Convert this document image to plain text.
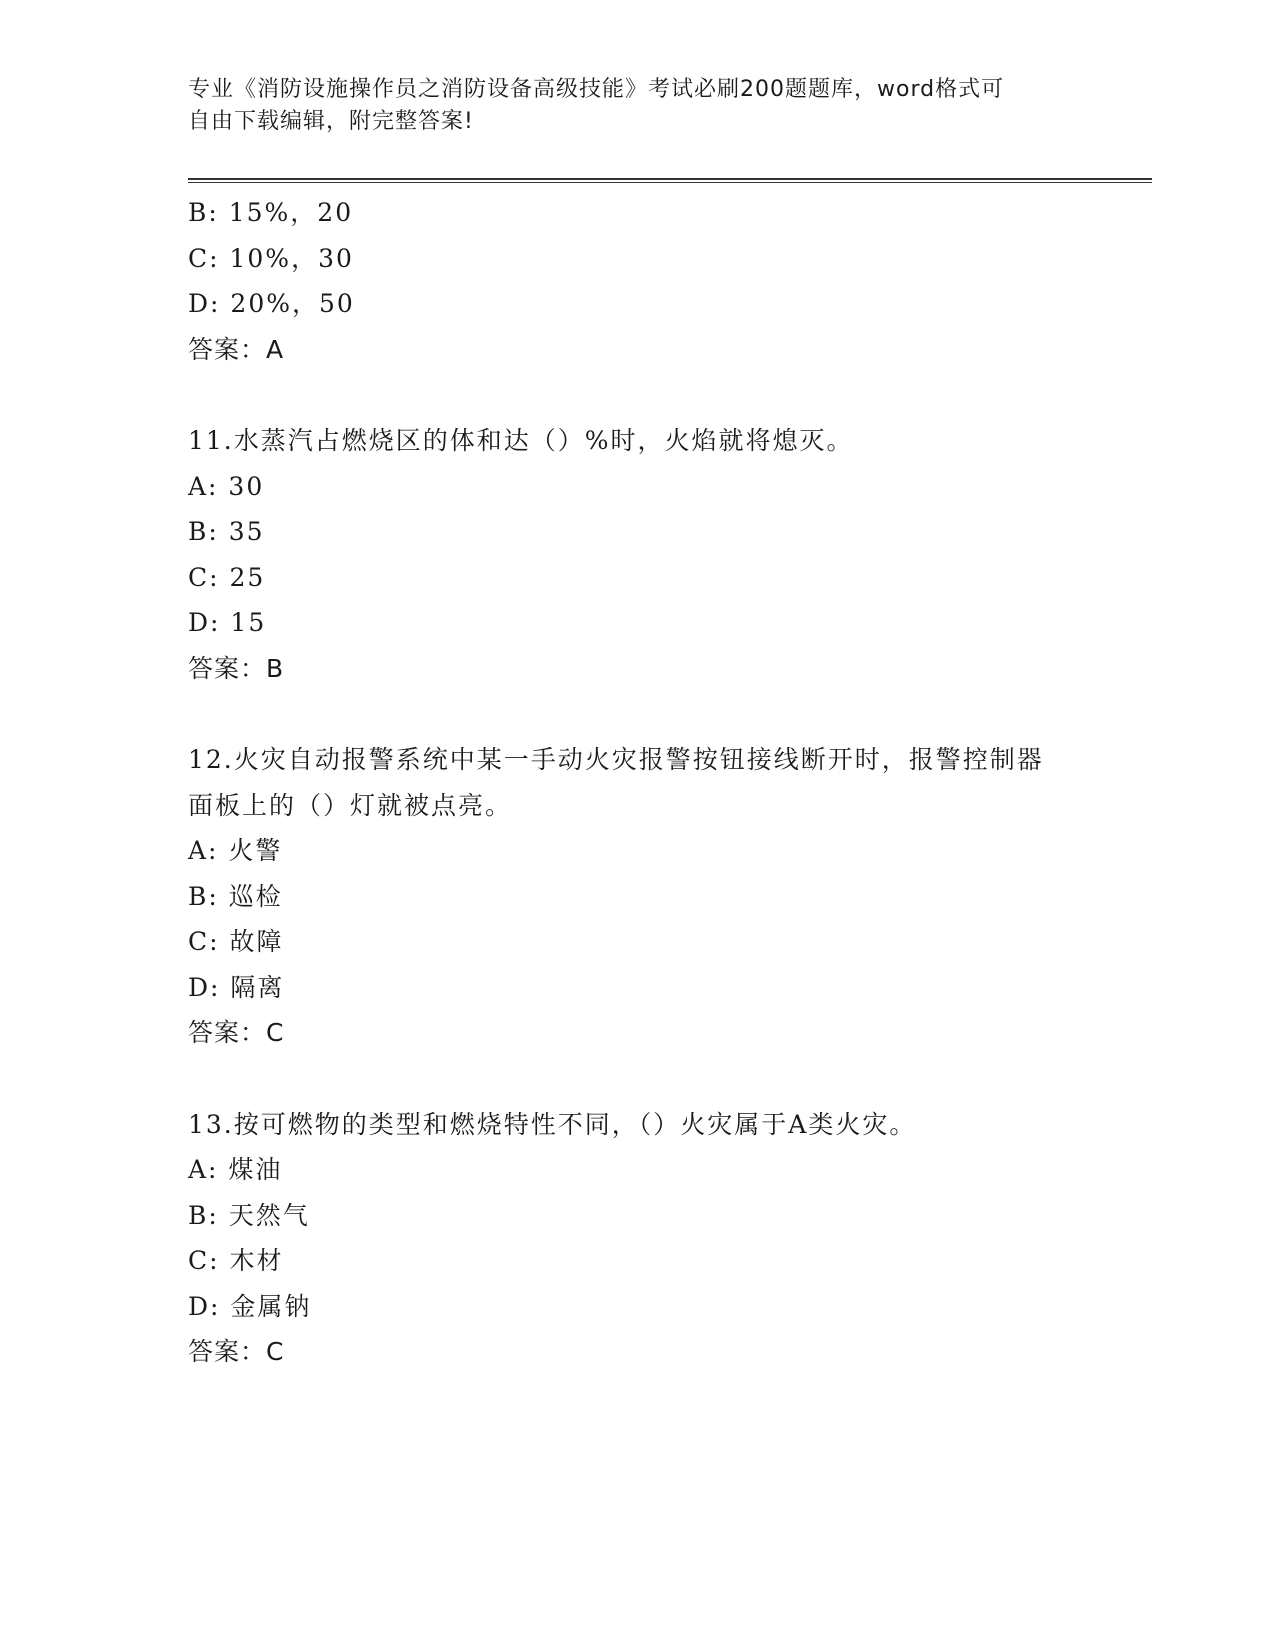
专业《消防设施操作员之消防设备高级技能》考试必刷200题题库，word格式可
自由下载编辑，附完整答案!
B: 15%，20
C: 10%，30
D: 20%，50
答案：A
11.水蒸汽占燃烧区的体和达（）%时，火焰就将熄灭。
A: 30
B: 35
C: 25
D: 15
答案：B
12.火灾自动报警系统中某一手动火灾报警按钮接线断开时，报警控制器面板上的（）灯就被点亮。
A: 火警
B: 巡检
C: 故障
D: 隔离
答案：C
13.按可燃物的类型和燃烧特性不同，（）火灾属于A类火灾。
A: 煤油
B: 天然气
C: 木材
D: 金属钠
答案：C
